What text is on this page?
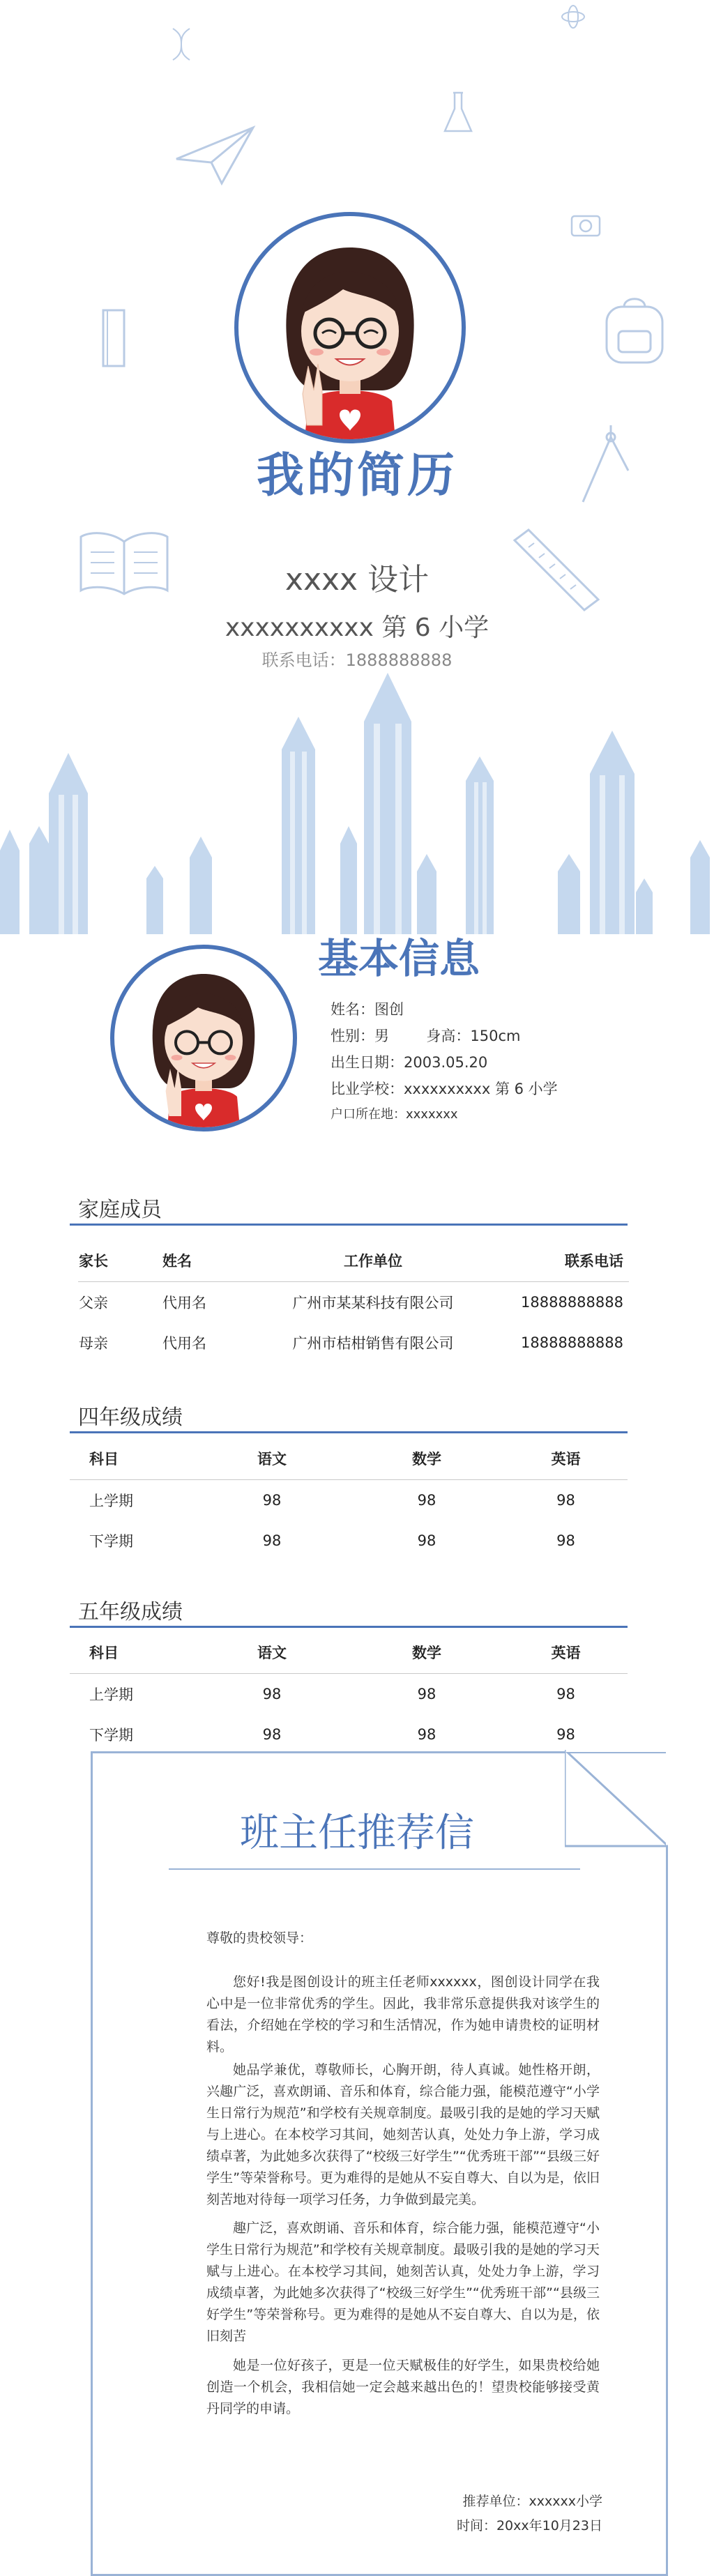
我的简历
xxxx 设计
xxxxxxxxxx 第 6 小学
联系电话：1888888888
基本信息
姓名：图创
性别：男        身高：150cm
出生日期：2003.05.20
比业学校：xxxxxxxxxx 第 6 小学
户口所在地：xxxxxxx
家庭成员
家长	姓名	工作单位	联系电话
父亲	代用名	广州市某某科技有限公司	18888888888
母亲	代用名	广州市桔柑销售有限公司	18888888888
四年级成绩
科目	语文	数学	英语
上学期	98	98	98
下学期	98	98	98
五年级成绩
科目	语文	数学	英语
上学期	98	98	98
下学期	98	98	98
班主任推荐信
尊敬的贵校领导：
您好!我是图创设计的班主任老师xxxxxx，图创设计同学在我心中是一位非常优秀的学生。因此，我非常乐意提供我对该学生的看法，介绍她在学校的学习和生活情况，作为她申请贵校的证明材料。
她品学兼优，尊敬师长，心胸开朗，待人真诚。她性格开朗，兴趣广泛，喜欢朗诵、音乐和体育，综合能力强，能模范遵守“小学生日常行为规范”和学校有关规章制度。最吸引我的是她的学习天赋与上进心。在本校学习其间，她刻苦认真，处处力争上游，学习成绩卓著，为此她多次获得了“校级三好学生”“优秀班干部”“县级三好学生”等荣誉称号。更为难得的是她从不妄自尊大、自以为是，依旧刻苦地对待每一项学习任务，力争做到最完美。
趣广泛，喜欢朗诵、音乐和体育，综合能力强，能模范遵守“小学生日常行为规范”和学校有关规章制度。最吸引我的是她的学习天赋与上进心。在本校学习其间，她刻苦认真，处处力争上游，学习成绩卓著，为此她多次获得了“校级三好学生”“优秀班干部”“县级三好学生”等荣誉称号。更为难得的是她从不妄自尊大、自以为是，依旧刻苦
她是一位好孩子，更是一位天赋极佳的好学生，如果贵校给她创造一个机会，我相信她一定会越来越出色的！望贵校能够接受黄丹同学的申请。
推荐单位：xxxxxx小学
时间：20xx年10月23日
